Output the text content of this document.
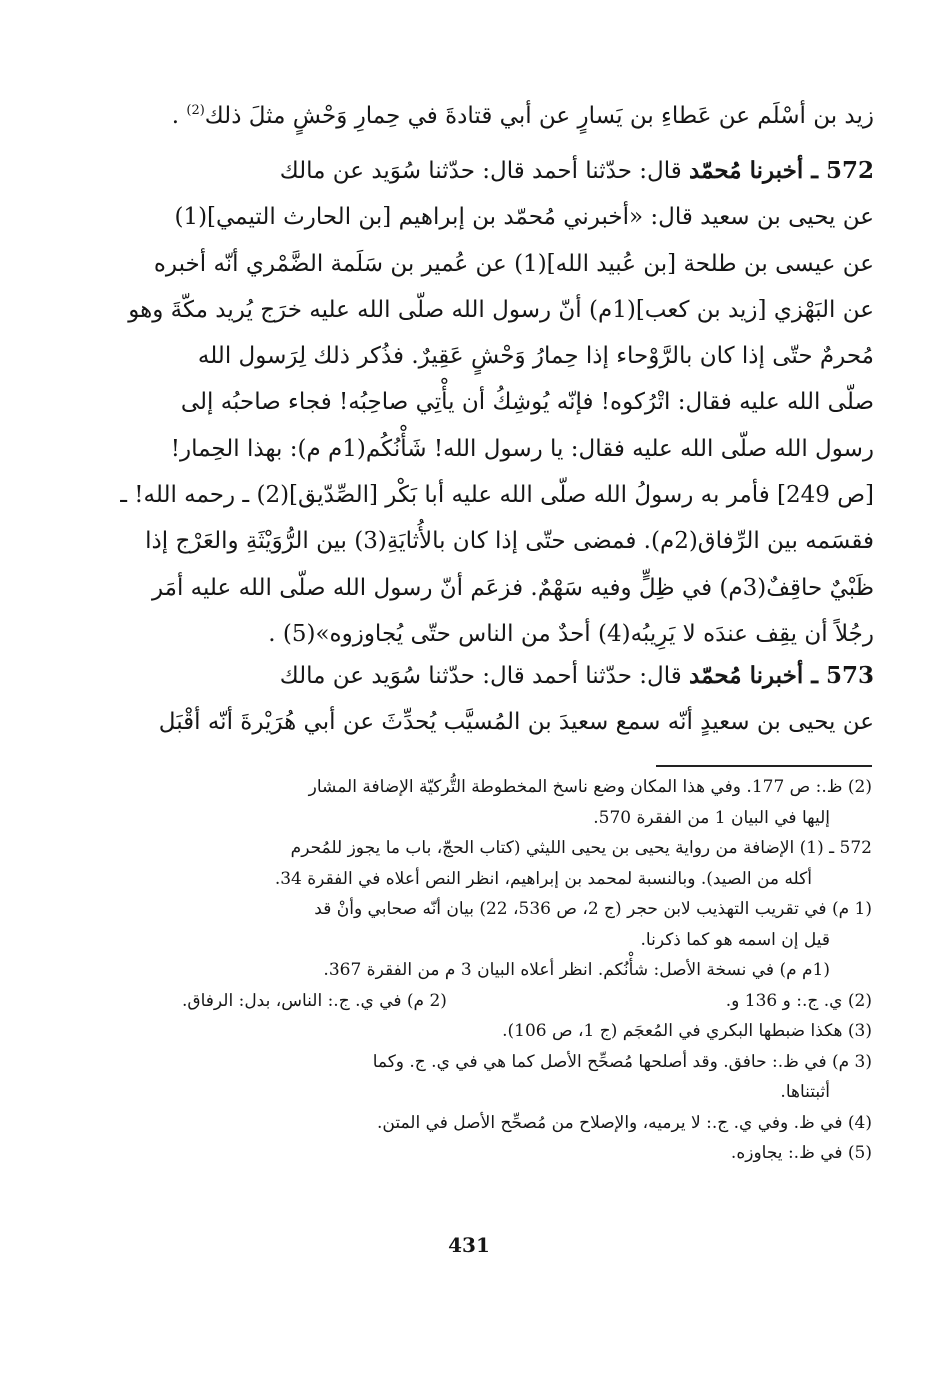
زيد بن أسْلَم عن عَطاءِ بن يَسارٍ عن أبي قتادةَ في حِمارِ وَحْشٍ مثلَ ذلك$^{(2)}$ .
572 ـ أخبرنا مُحمّد قال: حدّثنا أحمد قال: حدّثنا سُوَيد عن مالك
عن يحيى بن سعيد قال: «أخبرني مُحمّد بن إبراهيم [بن الحارث التيمي](1)
عن عيسى بن طلحة [بن عُبيد الله](1) عن عُمير بن سَلَمة الضَّمْري أنّه أخبره
عن البَهْزي [زيد بن كعب](1م) أنّ رسول الله صلّى الله عليه خرَج يُريد مكّةَ وهو
مُحرمٌ حتّى إذا كان بالرَّوْحاء إذا حِمارُ وَحْشٍ عَقِيرٌ. فذُكر ذلك لِرَسول الله
صلّى الله عليه فقال: اتْرُكوه! فإنّه يُوشِكُ أن يأْتِي صاحِبُه! فجاء صاحبُه إلى
رسول الله صلّى الله عليه فقال: يا رسول الله! شَأْنُكُم(1م م): بهذا الحِمار!
[ص 249] فأمر به رسولُ الله صلّى الله عليه أبا بَكْر [الصِّدّيق](2) ـ رحمه الله! ـ
فقسَمه بين الرِّفاق(2م). فمضى حتّى إذا كان بالأُثايَةِ(3) بين الرُّوَيْثَةِ والعَرْج إذا
ظَبْيٌ حاقِفٌ(3م) في ظِلٍّ وفيه سَهْمٌ. فزعَم أنّ رسول الله صلّى الله عليه أمَر
رجُلاً أن يقِف عندَه لا يَرِيبُه(4) أحدٌ من الناس حتّى يُجاوزوه»(5) .
573 ـ أخبرنا مُحمّد قال: حدّثنا أحمد قال: حدّثنا سُوَيد عن مالك
عن يحيى بن سعيدٍ أنّه سمع سعيدَ بن المُسيَّب يُحدِّثَ عن أبي هُرَيْرةَ أنّه أقْبَل
(2) ظ.: ص 177. وفي هذا المكان وضع ناسخ المخطوطة التُّركيّة الإضافة المشار
إليها في البيان 1 من الفقرة 570.
572 ـ (1) الإضافة من رواية يحيى بن يحيى الليثي (كتاب الحجّ، باب ما يجوز للمُحرم
أكله من الصيد). وبالنسبة لمحمد بن إبراهيم، انظر النص أعلاه في الفقرة 34.
(1 م) في تقريب التهذيب لابن حجر (ج 2، ص 536، 22) بيان أنّه صحابي وأنْ قد
قيل إن اسمه هو كما ذكرنا.
(1م م) في نسخة الأصل: شأْنُكم. انظر أعلاه البيان 3 م من الفقرة 367.
(2) ي. ج.: و 136 و.
(2 م) في ي. ج.: الناس، بدل: الرفاق.
(3) هكذا ضبطها البكري في المُعجَم (ج 1، ص 106).
(3 م) في ظ.: حافق. وقد أصلحها مُصحِّح الأصل كما هي في ي. ج. وكما
أثبتناها.
(4) في ظ. وفي ي. ج.: لا يرميه، والإصلاح من مُصحِّح الأصل في المتن.
(5) في ظ.: يجاوزه.
431
